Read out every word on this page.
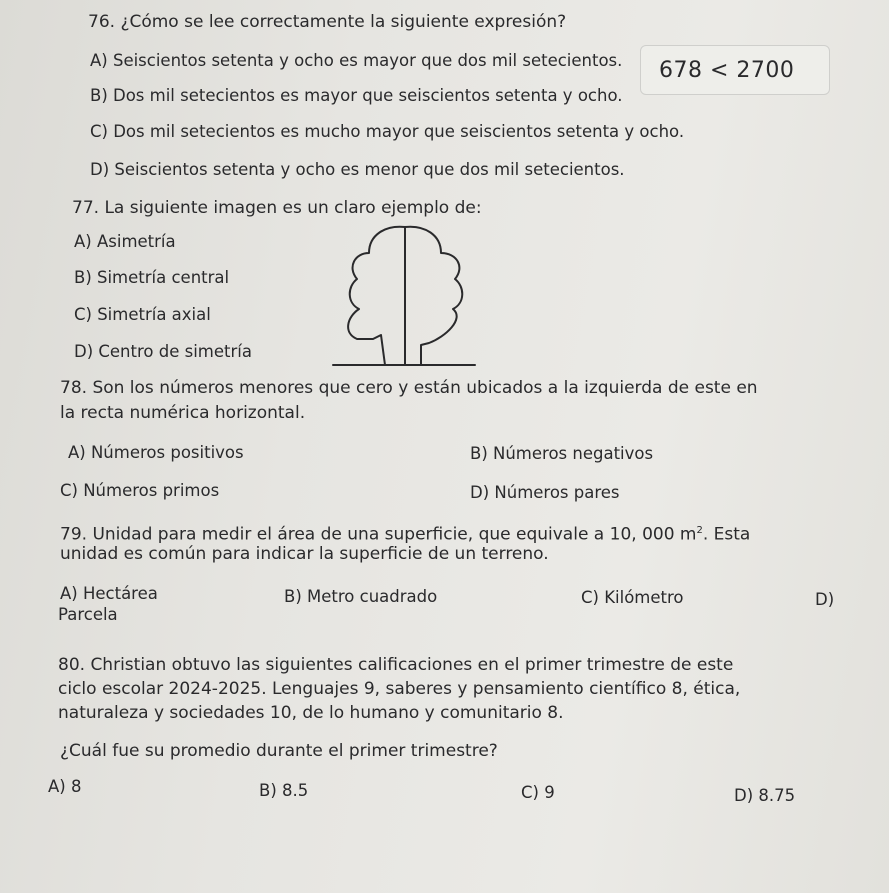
76. ¿Cómo se lee correctamente la siguiente expresión?
A) Seiscientos setenta y ocho es mayor que dos mil setecientos.
B) Dos mil setecientos es mayor que seiscientos setenta y ocho.
678 < 2700
C) Dos mil setecientos es mucho mayor que seiscientos setenta y ocho.
D) Seiscientos setenta y ocho es menor que dos mil setecientos.
77. La siguiente imagen es un claro ejemplo de:
A) Asimetría
B) Simetría central
C) Simetría axial
D) Centro de simetría
78. Son los números menores que cero y están ubicados a la izquierda de este en
la recta numérica horizontal.
A) Números positivos	B) Números negativos
C) Números primos	D) Números pares
79. Unidad para medir el área de una superficie, que equivale a 10, 000 $m^2$. Esta
unidad es común para indicar la superficie de un terreno.
A) Hectárea	B) Metro cuadrado	C) Kilómetro	D)
Parcela
80. Christian obtuvo las siguientes calificaciones en el primer trimestre de este
ciclo escolar 2024-2025. Lenguajes 9, saberes y pensamiento científico 8, ética,
naturaleza y sociedades 10, de lo humano y comunitario 8.
¿Cuál fue su promedio durante el primer trimestre?
A) 8	B) 8.5	C) 9	D) 8.75
